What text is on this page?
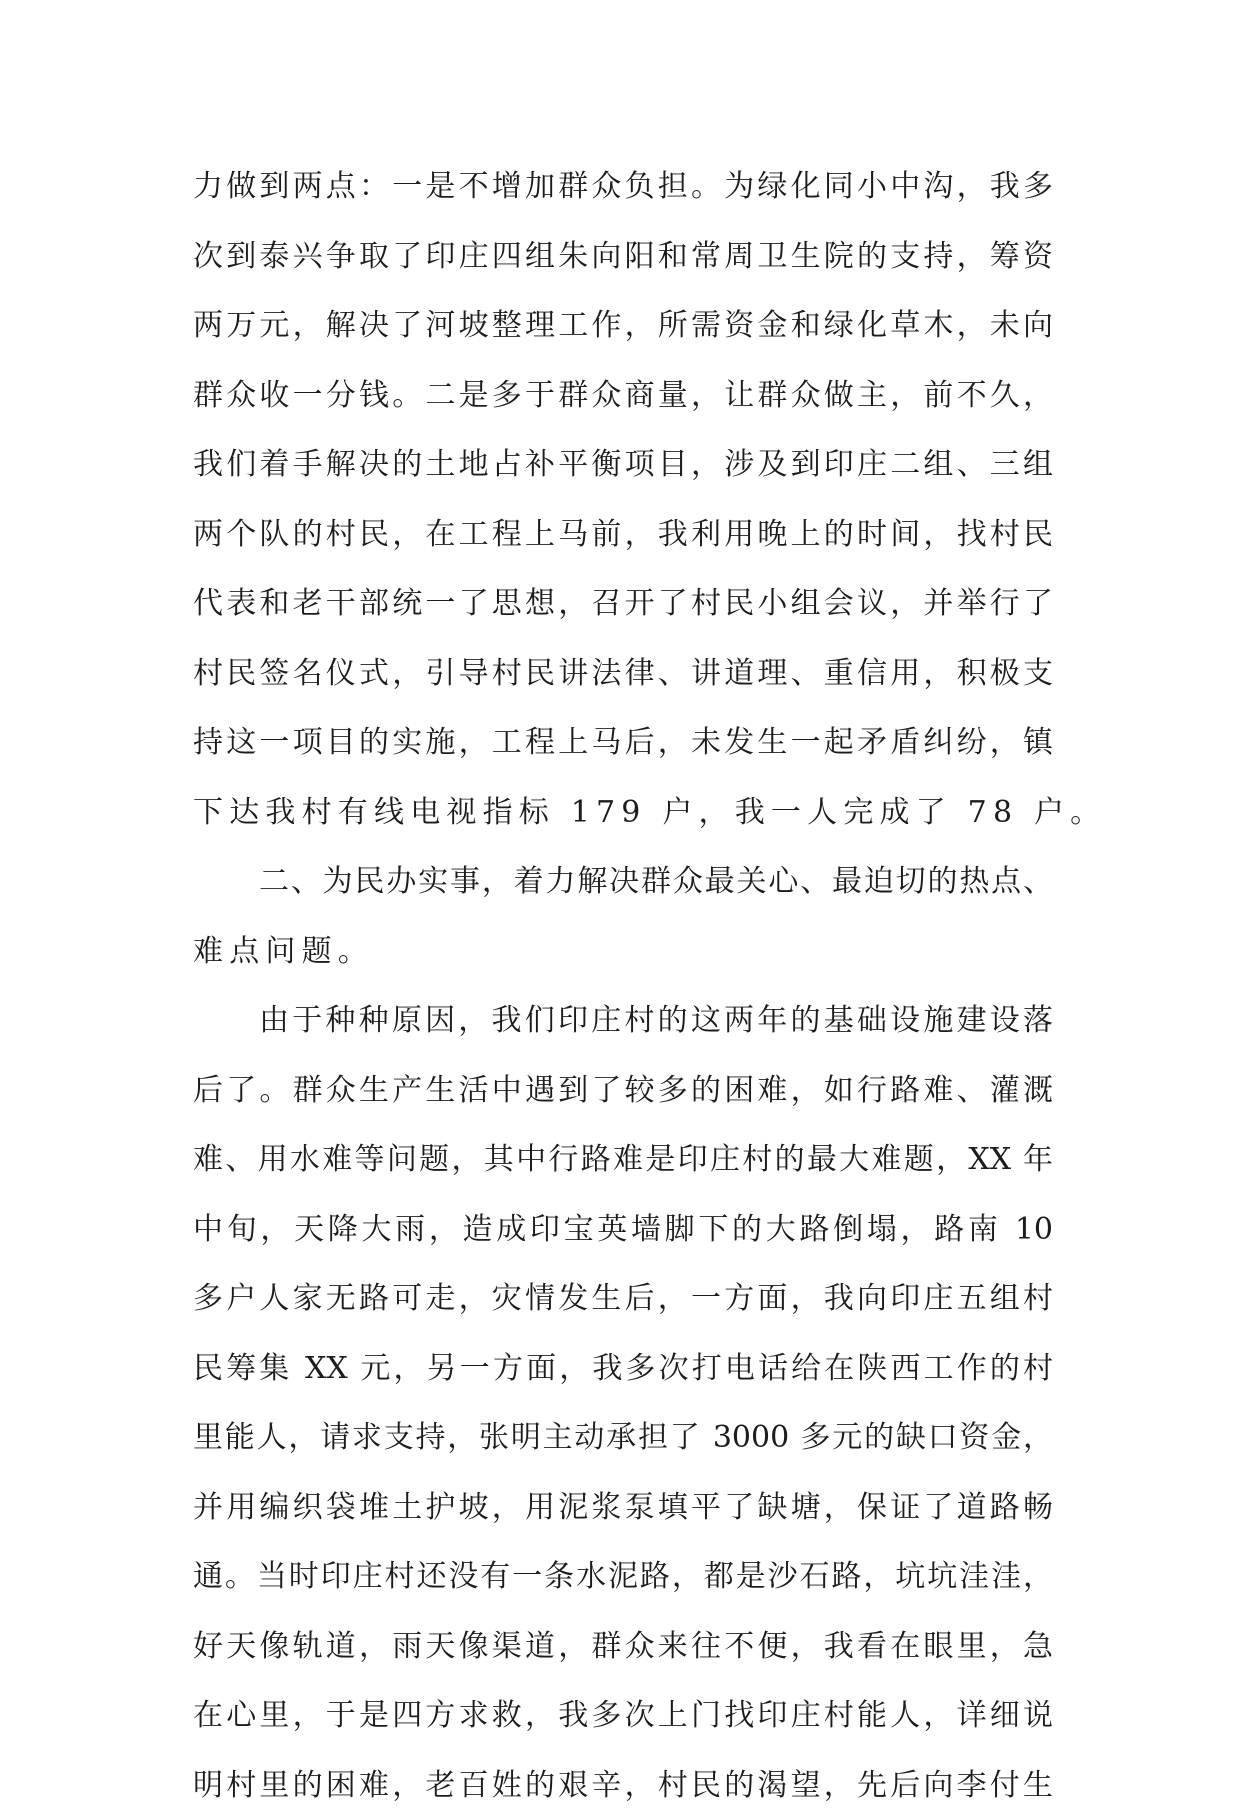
力做到两点：一是不增加群众负担。为绿化同小中沟，我多
次到泰兴争取了印庄四组朱向阳和常周卫生院的支持，筹资
两万元，解决了河坡整理工作，所需资金和绿化草木，未向
群众收一分钱。二是多于群众商量，让群众做主，前不久，
我们着手解决的土地占补平衡项目，涉及到印庄二组、三组
两个队的村民，在工程上马前，我利用晚上的时间，找村民
代表和老干部统一了思想，召开了村民小组会议，并举行了
村民签名仪式，引导村民讲法律、讲道理、重信用，积极支
持这一项目的实施，工程上马后，未发生一起矛盾纠纷，镇
下达我村有线电视指标 179 户，我一人完成了 78 户。
二、为民办实事，着力解决群众最关心、最迫切的热点、
难点问题。
由于种种原因，我们印庄村的这两年的基础设施建设落
后了。群众生产生活中遇到了较多的困难，如行路难、灌溉
难、用水难等问题，其中行路难是印庄村的最大难题，XX 年
中旬，天降大雨，造成印宝英墙脚下的大路倒塌，路南 10
多户人家无路可走，灾情发生后，一方面，我向印庄五组村
民筹集 XX 元，另一方面，我多次打电话给在陕西工作的村
里能人，请求支持，张明主动承担了 3000 多元的缺口资金，
并用编织袋堆土护坡，用泥浆泵填平了缺塘，保证了道路畅
通。当时印庄村还没有一条水泥路，都是沙石路，坑坑洼洼，
好天像轨道，雨天像渠道，群众来往不便，我看在眼里，急
在心里，于是四方求救，我多次上门找印庄村能人，详细说
明村里的困难，老百姓的艰辛，村民的渴望，先后向李付生
